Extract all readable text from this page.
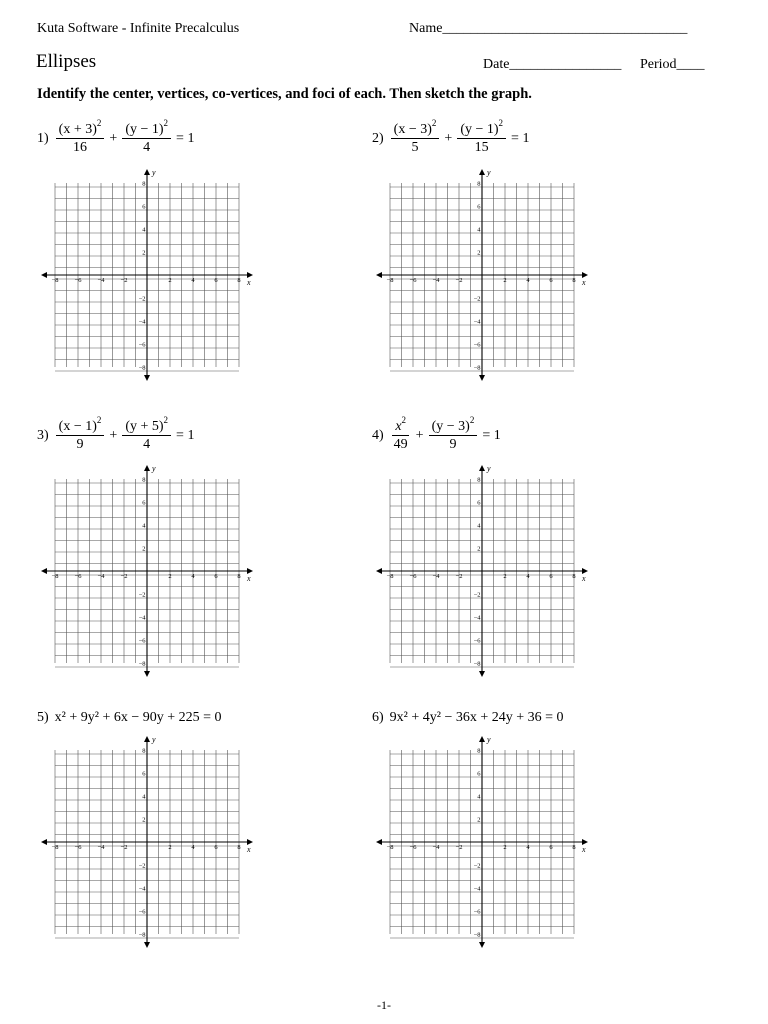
Kuta Software - Infinite Precalculus	Name___________________________________
Ellipses	Date________________ Period____
Identify the center, vertices, co-vertices, and foci of each. Then sketch the graph.
$1) \frac{(x + 3)^2}{16} + \frac{(y - 1)^2}{4} = 1$	$2) \frac{(x - 3)^2}{5} + \frac{(y - 1)^2}{15} = 1$
$3) \frac{(x - 1)^2}{9} + \frac{(y + 5)^2}{4} = 1$	$4) \frac{x^2}{49} + \frac{(y - 3)^2}{9} = 1$
5) x² + 9y² + 6x − 90y + 225 = 0	6) 9x² + 4y² − 36x + 24y + 36 = 0
−8 −6 −4 −2	2	4	6	8
8
6
4
2
−2
−4
−6
−8
x
y
−8 −6 −4 −2	2	4	6	8
8
6
4
2
−2
−4
−6
−8
x
y
−8 −6 −4 −2	2	4	6	8
8
6
4
2
−2
−4
−6
−8
x
y
−8 −6 −4 −2	2	4	6	8
8
6
4
2
−2
−4
−6
−8
x
y
−8 −6 −4 −2	2	4	6	8
8
6
4
2
−2
−4
−6
−8
x
y
−8 −6 −4 −2	2	4	6	8
8
6
4
2
−2
−4
−6
−8
x
y
-1-
